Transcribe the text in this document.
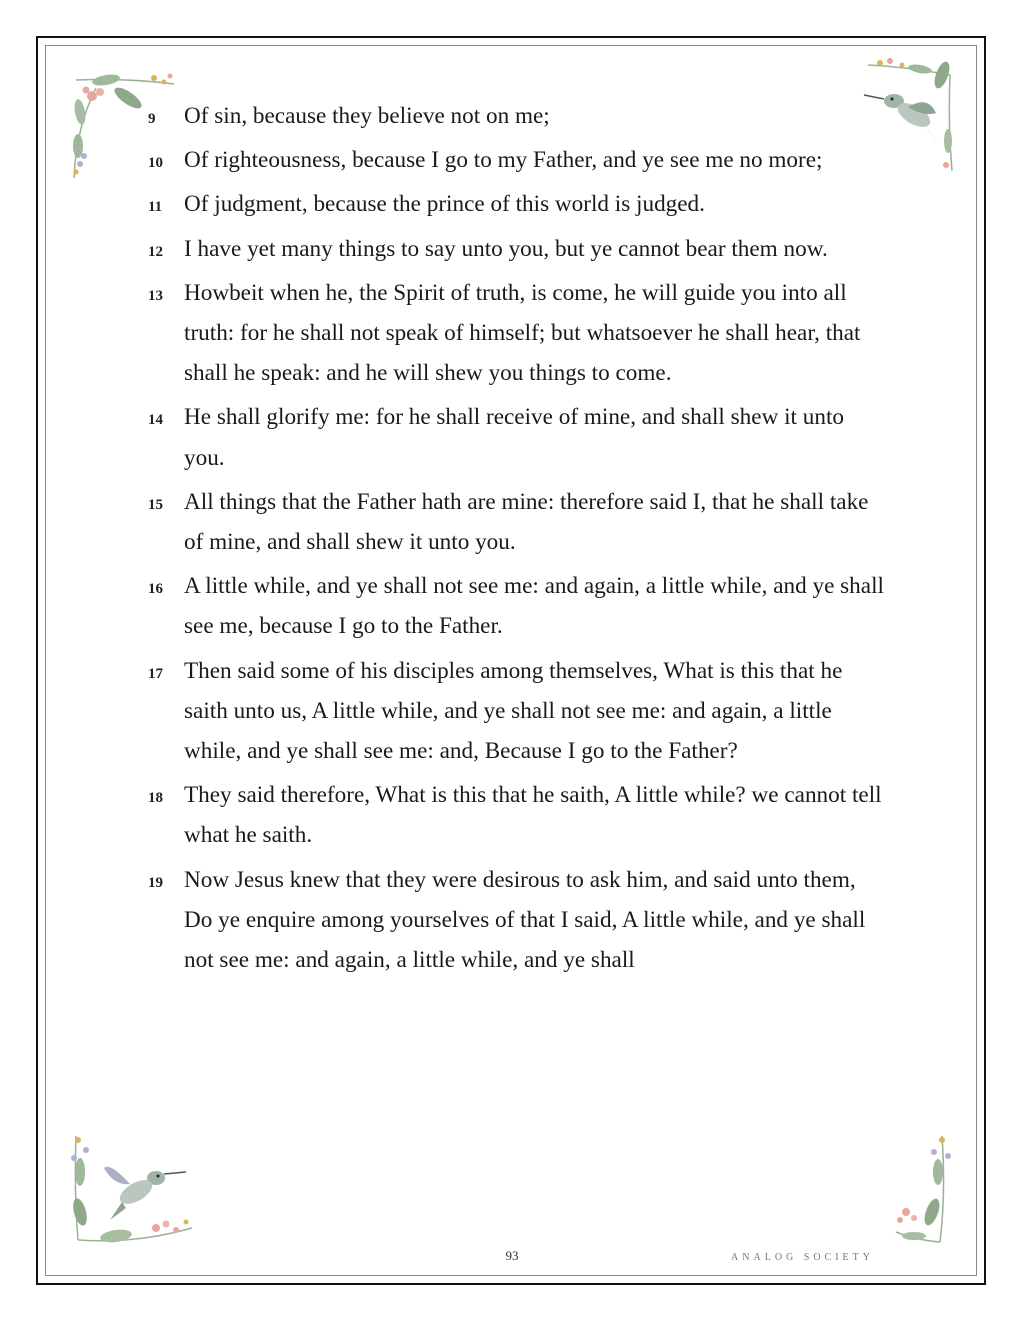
9	Of sin, because they believe not on me;
10 Of righteousness, because I go to my Father, and ye see me no more;
11 Of judgment, because the prince of this world is judged.
12 I have yet many things to say unto you, but ye cannot bear them now.
13 Howbeit when he, the Spirit of truth, is come, he will guide you into all truth: for he shall not speak of himself; but whatsoever he shall hear, that shall he speak: and he will shew you things to come.
14 He shall glorify me: for he shall receive of mine, and shall shew it unto you.
15 All things that the Father hath are mine: therefore said I, that he shall take of mine, and shall shew it unto you.
16 A little while, and ye shall not see me: and again, a little while, and ye shall see me, because I go to the Father.
17 Then said some of his disciples among themselves, What is this that he saith unto us, A little while, and ye shall not see me: and again, a little while, and ye shall see me: and, Because I go to the Father?
18 They said therefore, What is this that he saith, A little while? we cannot tell what he saith.
19 Now Jesus knew that they were desirous to ask him, and said unto them, Do ye enquire among yourselves of that I said, A little while, and ye shall not see me: and again, a little while, and ye shall
93	ANALOG SOCIETY
